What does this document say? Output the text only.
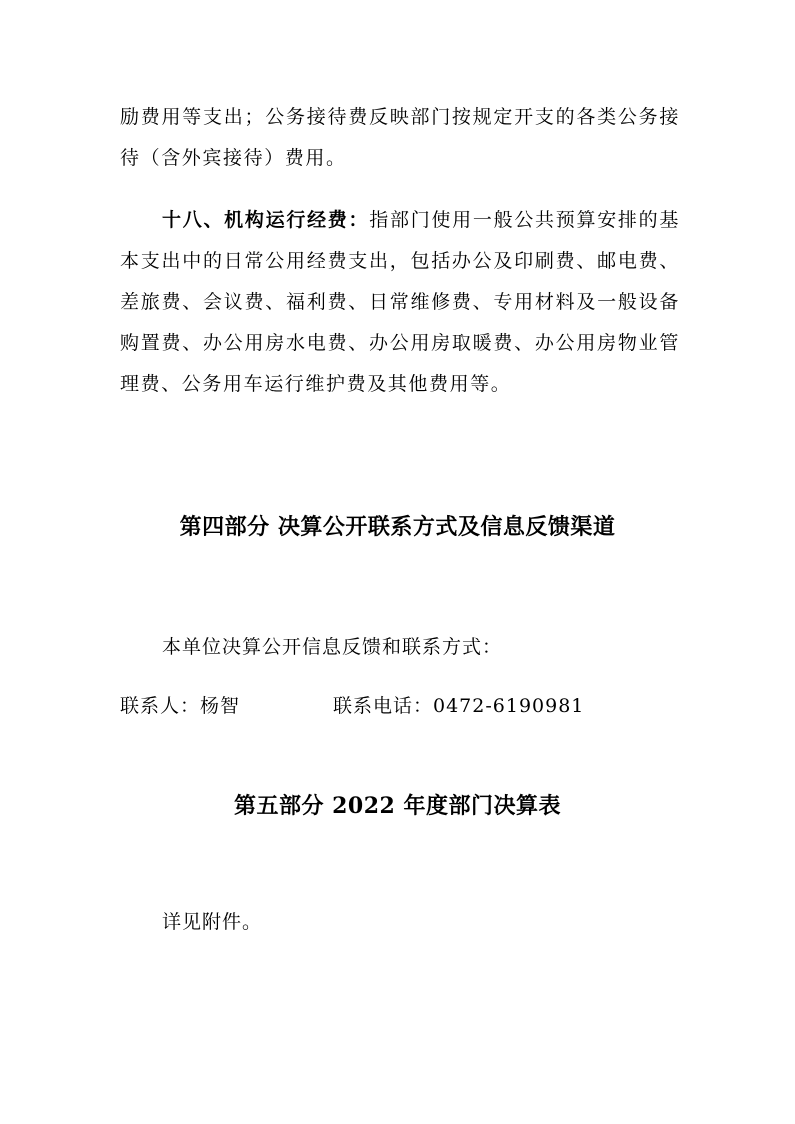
励费用等支出；公务接待费反映部门按规定开支的各类公务接待（含外宾接待）费用。

十八、机构运行经费：指部门使用一般公共预算安排的基本支出中的日常公用经费支出，包括办公及印刷费、邮电费、差旅费、会议费、福利费、日常维修费、专用材料及一般设备购置费、办公用房水电费、办公用房取暖费、办公用房物业管理费、公务用车运行维护费及其他费用等。

第四部分 决算公开联系方式及信息反馈渠道

本单位决算公开信息反馈和联系方式：

联系人：杨智	联系电话：0472-6190981

第五部分 2022 年度部门决算表

详见附件。
